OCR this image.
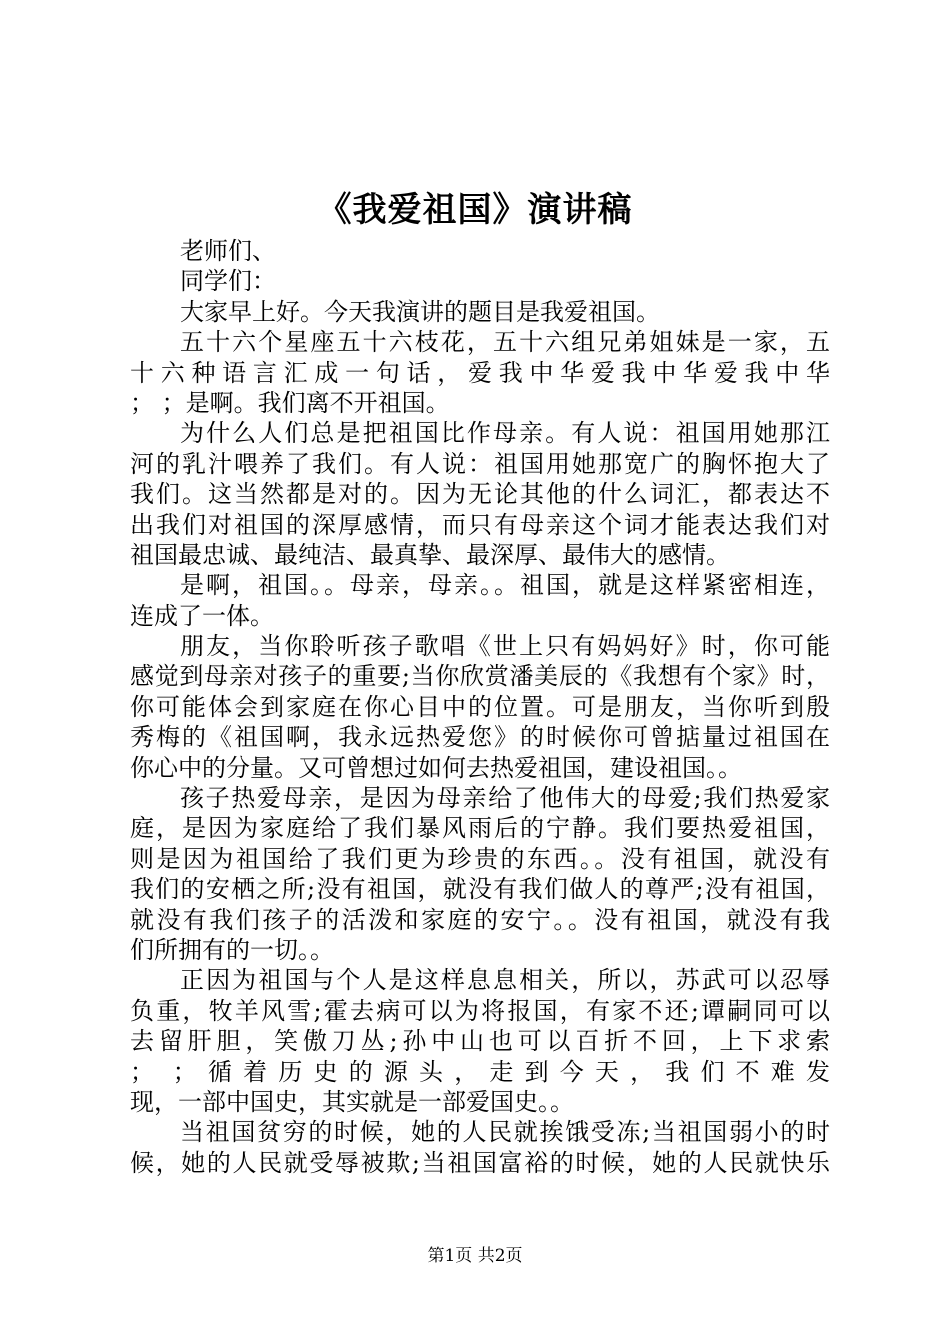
《我爱祖国》演讲稿
老师们、
同学们：
大家早上好。今天我演讲的题目是我爱祖国。
五十六个星座五十六枝花，五十六组兄弟姐妹是一家，五
十六种语言汇成一句话，爱我中华爱我中华爱我中华
； ；是啊。我们离不开祖国。
为什么人们总是把祖国比作母亲。有人说：祖国用她那江
河的乳汁喂养了我们。有人说：祖国用她那宽广的胸怀抱大了
我们。这当然都是对的。因为无论其他的什么词汇，都表达不
出我们对祖国的深厚感情，而只有母亲这个词才能表达我们对
祖国最忠诚、最纯洁、最真挚、最深厚、最伟大的感情。
是啊，祖国。。母亲，母亲。。祖国，就是这样紧密相连，
连成了一体。
朋友，当你聆听孩子歌唱《世上只有妈妈好》时，你可能
感觉到母亲对孩子的重要;当你欣赏潘美辰的《我想有个家》时，
你可能体会到家庭在你心目中的位置。可是朋友，当你听到殷
秀梅的《祖国啊，我永远热爱您》的时候你可曾掂量过祖国在
你心中的分量。又可曾想过如何去热爱祖国，建设祖国。。
孩子热爱母亲，是因为母亲给了他伟大的母爱;我们热爱家
庭，是因为家庭给了我们暴风雨后的宁静。我们要热爱祖国，
则是因为祖国给了我们更为珍贵的东西。。没有祖国，就没有
我们的安栖之所;没有祖国，就没有我们做人的尊严;没有祖国，
就没有我们孩子的活泼和家庭的安宁。。没有祖国，就没有我
们所拥有的一切。。
正因为祖国与个人是这样息息相关，所以，苏武可以忍辱
负重，牧羊风雪;霍去病可以为将报国，有家不还;谭嗣同可以
去留肝胆，笑傲刀丛;孙中山也可以百折不回，上下求索
； ；循着历史的源头，走到今天，我们不难发
现，一部中国史，其实就是一部爱国史。。
当祖国贫穷的时候，她的人民就挨饿受冻;当祖国弱小的时
候，她的人民就受辱被欺;当祖国富裕的时候，她的人民就快乐
第1页 共2页
